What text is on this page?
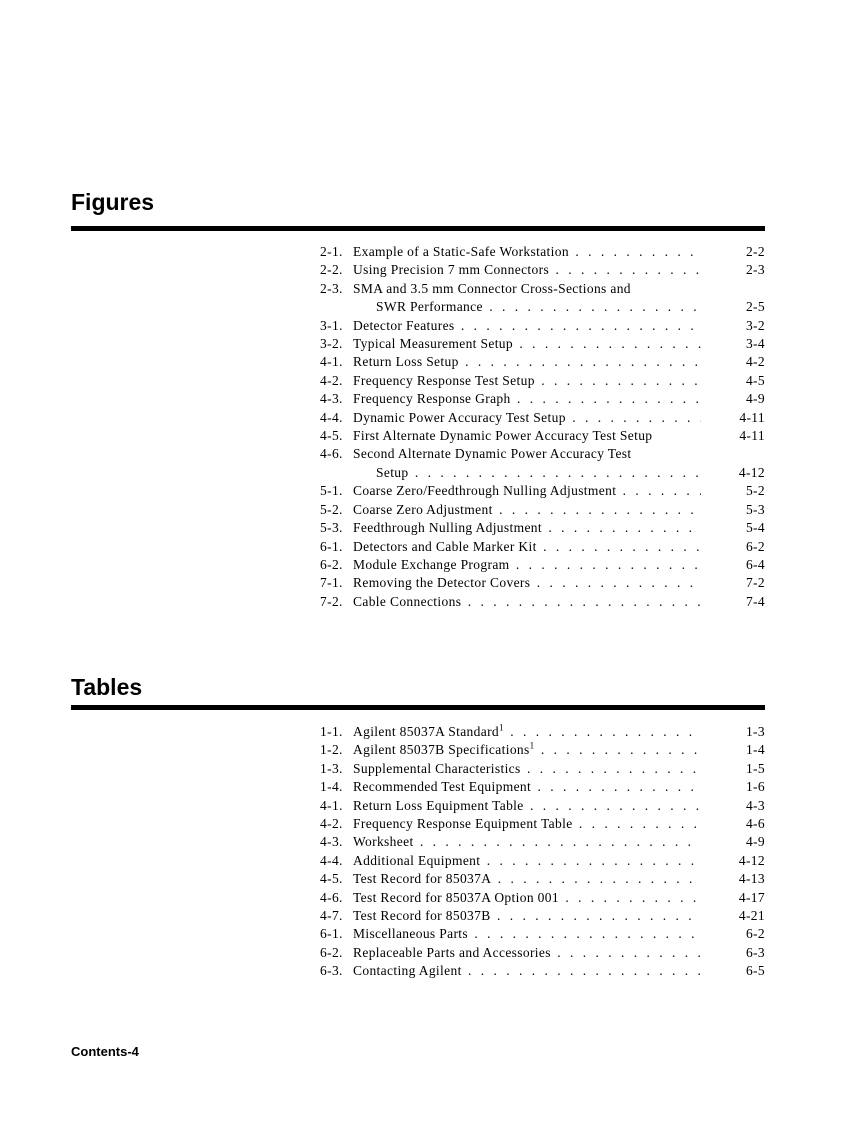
Figures
2-1. Example of a Static-Safe Workstation . . .	2-2
2-2. Using Precision 7 mm Connectors . . .	2-3
2-3. SMA and 3.5 mm Connector Cross-Sections and
SWR Performance . . .	2-5
3-1. Detector Features . . .	3-2
3-2. Typical Measurement Setup . . .	3-4
4-1. Return Loss Setup . . .	4-2
4-2. Frequency Response Test Setup . . .	4-5
4-3. Frequency Response Graph . . .	4-9
4-4. Dynamic Power Accuracy Test Setup . . .	4-11
4-5. First Alternate Dynamic Power Accuracy Test Setup	4-11
4-6. Second Alternate Dynamic Power Accuracy Test
Setup . . .	4-12
5-1. Coarse Zero/Feedthrough Nulling Adjustment . . .	5-2
5-2. Coarse Zero Adjustment . . .	5-3
5-3. Feedthrough Nulling Adjustment . . .	5-4
6-1. Detectors and Cable Marker Kit . . .	6-2
6-2. Module Exchange Program . . .	6-4
7-1. Removing the Detector Covers . . .	7-2
7-2. Cable Connections . . .	7-4
Tables
1-1. Agilent 85037A Standard$^1$ . . .	1-3
1-2. Agilent 85037B Specifications$^1$ . . .	1-4
1-3. Supplemental Characteristics . . .	1-5
1-4. Recommended Test Equipment . . .	1-6
4-1. Return Loss Equipment Table . . .	4-3
4-2. Frequency Response Equipment Table . . .	4-6
4-3. Worksheet . . .	4-9
4-4. Additional Equipment . . .	4-12
4-5. Test Record for 85037A . . .	4-13
4-6. Test Record for 85037A Option 001 . . .	4-17
4-7. Test Record for 85037B . . .	4-21
6-1. Miscellaneous Parts . . .	6-2
6-2. Replaceable Parts and Accessories . . .	6-3
6-3. Contacting Agilent . . .	6-5
Contents-4
